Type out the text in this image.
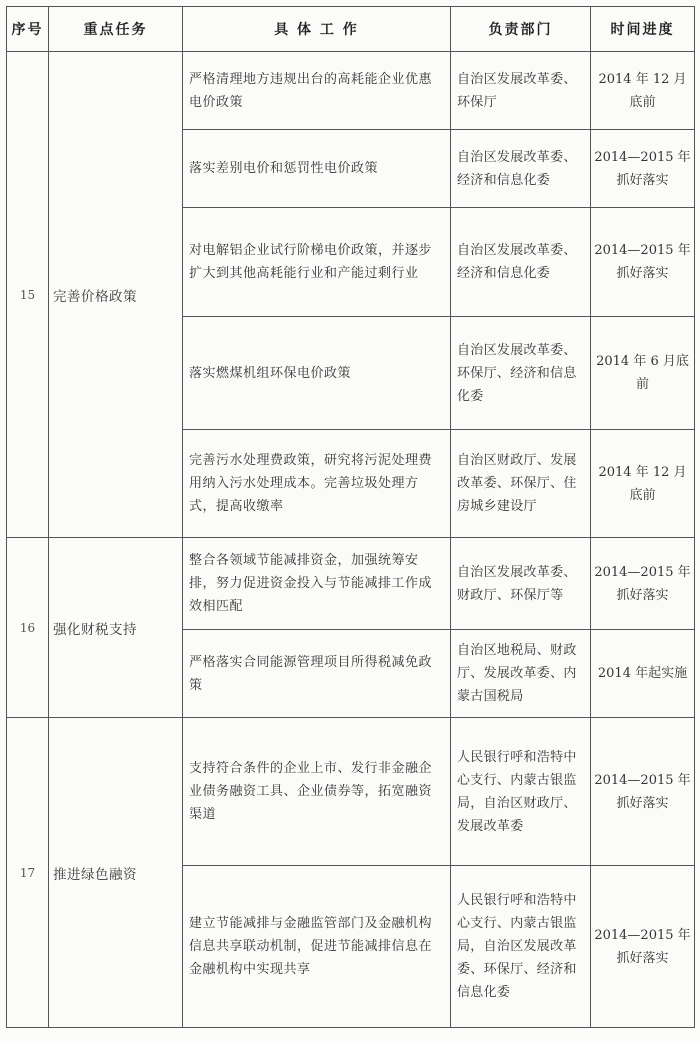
序号	重点任务	具 体 工 作	负责部门	时间进度
15	完善价格政策	严格清理地方违规出台的高耗能企业优惠电价政策	自治区发展改革委、环保厅	2014 年 12 月底前
		落实差别电价和惩罚性电价政策	自治区发展改革委、经济和信息化委	2014—2015 年抓好落实
		对电解铝企业试行阶梯电价政策，并逐步扩大到其他高耗能行业和产能过剩行业	自治区发展改革委、经济和信息化委	2014—2015 年抓好落实
		落实燃煤机组环保电价政策	自治区发展改革委、环保厅、经济和信息化委	2014 年 6 月底前
		完善污水处理费政策，研究将污泥处理费用纳入污水处理成本。完善垃圾处理方式，提高收缴率	自治区财政厅、发展改革委、环保厅、住房城乡建设厅	2014 年 12 月底前
16	强化财税支持	整合各领域节能减排资金，加强统筹安排，努力促进资金投入与节能减排工作成效相匹配	自治区发展改革委、财政厅、环保厅等	2014—2015 年抓好落实
		严格落实合同能源管理项目所得税减免政策	自治区地税局、财政厅、发展改革委、内蒙古国税局	2014 年起实施
17	推进绿色融资	支持符合条件的企业上市、发行非金融企业债务融资工具、企业债券等，拓宽融资渠道	人民银行呼和浩特中心支行、内蒙古银监局，自治区财政厅、发展改革委	2014—2015 年抓好落实
		建立节能减排与金融监管部门及金融机构信息共享联动机制，促进节能减排信息在金融机构中实现共享	人民银行呼和浩特中心支行、内蒙古银监局，自治区发展改革委、环保厅、经济和信息化委	2014—2015 年抓好落实
